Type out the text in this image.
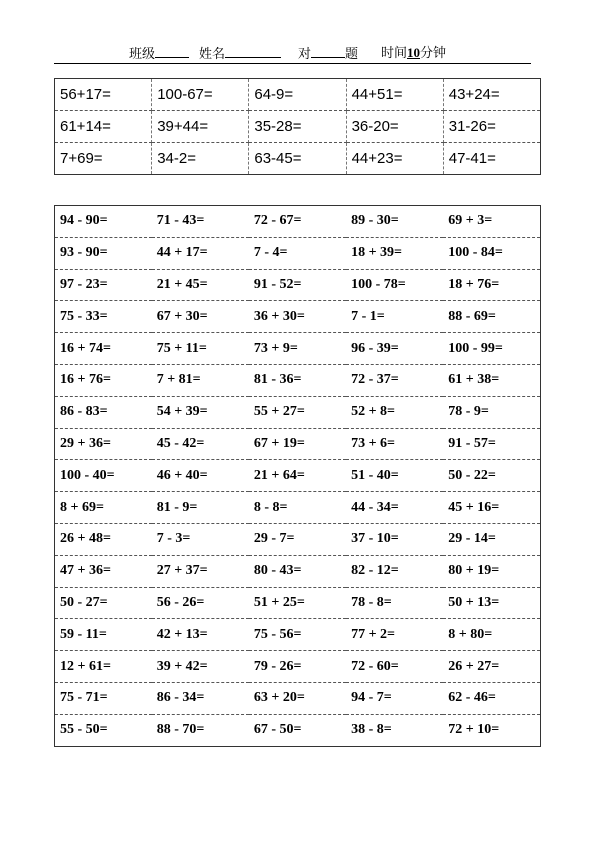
班级	姓名	对	题 时间10分钟
56+17=	100-67=	64-9=	44+51=	43+24=
61+14=	39+44=	35-28=	36-20=	31-26=
7+69=	34-2=	63-45=	44+23=	47-41=
94 - 90=	71 - 43=	72 - 67=	89 - 30=	69 + 3=
93 - 90=	44 + 17=	7 - 4=	18 + 39=	100 - 84=
97 - 23=	21 + 45=	91 - 52=	100 - 78=	18 + 76=
75 - 33=	67 + 30=	36 + 30=	7 - 1=	88 - 69=
16 + 74=	75 + 11=	73 + 9=	96 - 39=	100 - 99=
16 + 76=	7 + 81=	81 - 36=	72 - 37=	61 + 38=
86 - 83=	54 + 39=	55 + 27=	52 + 8=	78 - 9=
29 + 36=	45 - 42=	67 + 19=	73 + 6=	91 - 57=
100 - 40=	46 + 40=	21 + 64=	51 - 40=	50 - 22=
8 + 69=	81 - 9=	8 - 8=	44 - 34=	45 + 16=
26 + 48=	7 - 3=	29 - 7=	37 - 10=	29 - 14=
47 + 36=	27 + 37=	80 - 43=	82 - 12=	80 + 19=
50 - 27=	56 - 26=	51 + 25=	78 - 8=	50 + 13=
59 - 11=	42 + 13=	75 - 56=	77 + 2=	8 + 80=
12 + 61=	39 + 42=	79 - 26=	72 - 60=	26 + 27=
75 - 71=	86 - 34=	63 + 20=	94 - 7=	62 - 46=
55 - 50=	88 - 70=	67 - 50=	38 - 8=	72 + 10=
